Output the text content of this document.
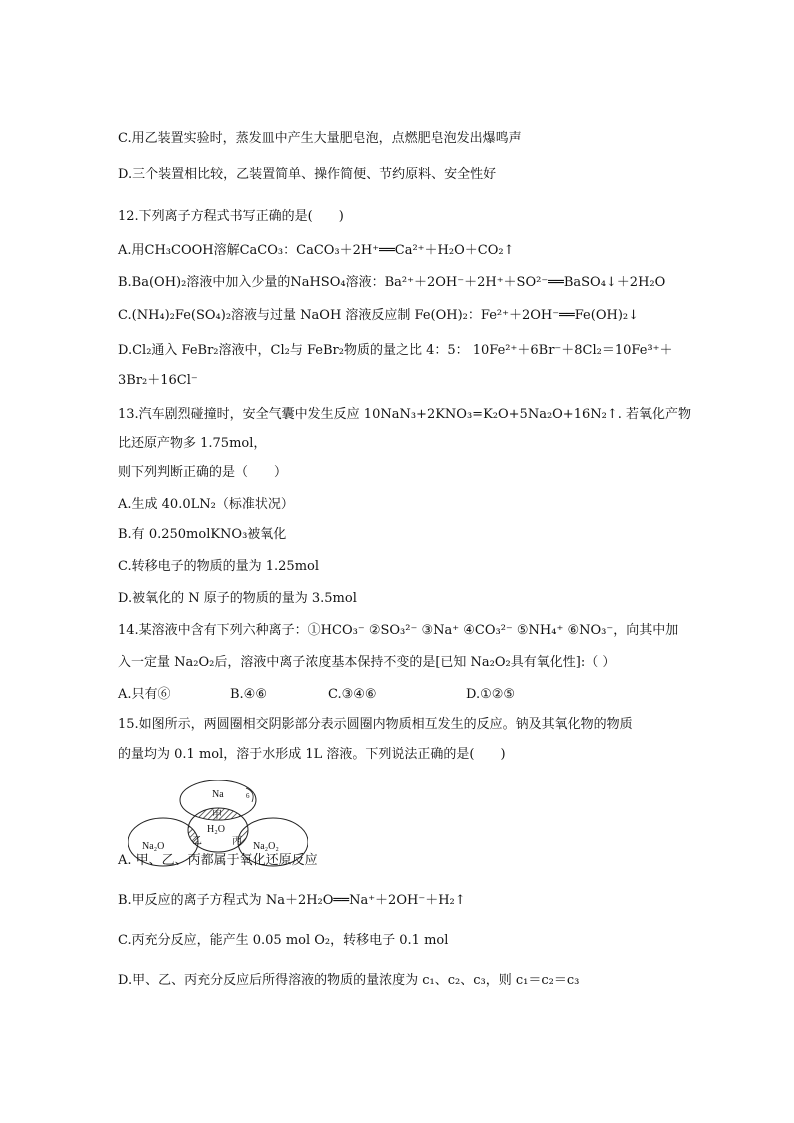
C.用乙装置实验时，蒸发皿中产生大量肥皂泡，点燃肥皂泡发出爆鸣声
D.三个装置相比较，乙装置简单、操作简便、节约原料、安全性好
12.下列离子方程式书写正确的是(　　)
A.用CH₃COOH溶解CaCO₃：CaCO₃＋2H⁺══Ca²⁺＋H₂O＋CO₂↑
B.Ba(OH)₂溶液中加入少量的NaHSO₄溶液：Ba²⁺＋2OH⁻＋2H⁺＋SO²⁻══BaSO₄↓＋2H₂O
C.(NH₄)₂Fe(SO₄)₂溶液与过量 NaOH 溶液反应制 Fe(OH)₂：Fe²⁺＋2OH⁻══Fe(OH)₂↓
D.Cl₂通入 FeBr₂溶液中，Cl₂与 FeBr₂物质的量之比 4：5： 10Fe²⁺＋6Br⁻＋8Cl₂＝10Fe³⁺＋
3Br₂＋16Cl⁻
13.汽车剧烈碰撞时，安全气囊中发生反应 10NaN₃+2KNO₃=K₂O+5Na₂O+16N₂↑. 若氧化产物
比还原产物多 1.75mol，
则下列判断正确的是（　　）
A.生成 40.0LN₂（标准状况）
B.有 0.250molKNO₃被氧化
C.转移电子的物质的量为 1.25mol
D.被氧化的 N 原子的物质的量为 3.5mol
14.某溶液中含有下列六种离子：①HCO₃⁻ ②SO₃²⁻ ③Na⁺ ④CO₃²⁻ ⑤NH₄⁺ ⑥NO₃⁻，向其中加
入一定量 Na₂O₂后，溶液中离子浓度基本保持不变的是[已知 Na₂O₂具有氧化性]:（ ）
A.只有⑥	B.④⑥	C.③④⑥	D.①②⑤
15.如图所示，两圆圈相交阴影部分表示圆圈内物质相互发生的反应。钠及其氧化物的物质
的量均为 0.1 mol，溶于水形成 1L 溶液。下列说法正确的是(　　)
Na	6
甲
H₂O
乙	丙
Na₂O	Na₂O₂
A. 甲、乙、丙都属于氧化还原反应
B.甲反应的离子方程式为 Na＋2H₂O══Na⁺＋2OH⁻＋H₂↑
C.丙充分反应，能产生 0.05 mol O₂，转移电子 0.1 mol
D.甲、乙、丙充分反应后所得溶液的物质的量浓度为 c₁、c₂、c₃，则 c₁＝c₂＝c₃
